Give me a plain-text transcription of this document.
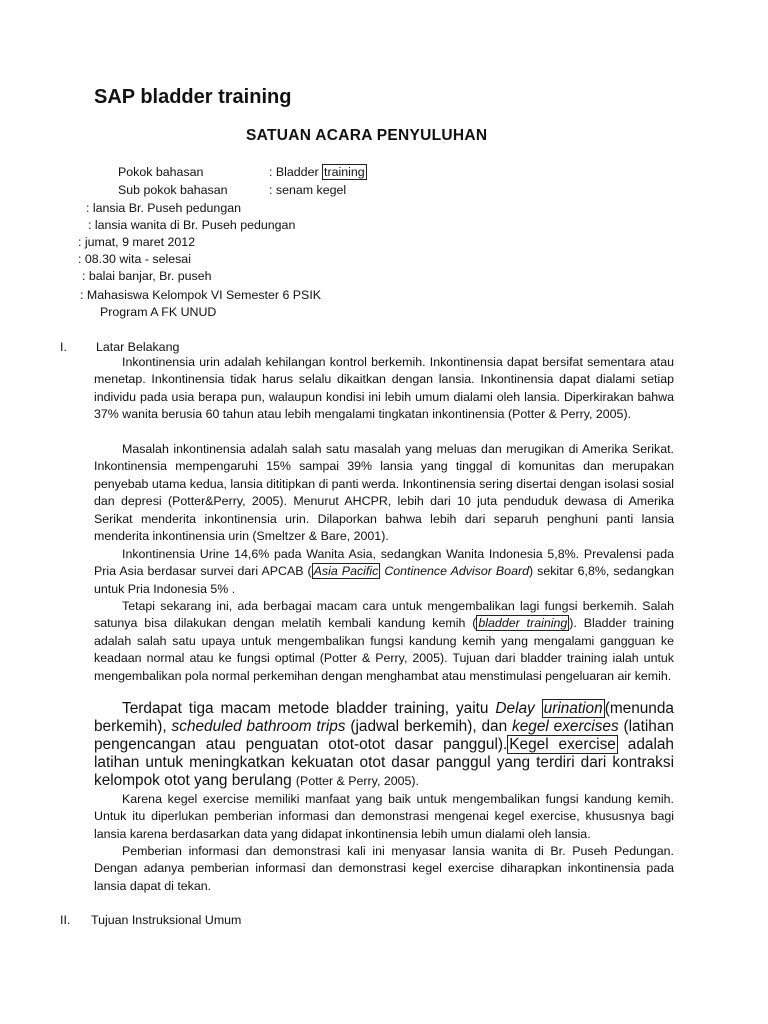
SAP bladder training
SATUAN ACARA PENYULUHAN
Pokok bahasan	: Bladder training
Sub pokok bahasan	: senam kegel
: lansia Br. Puseh pedungan
: lansia wanita di Br. Puseh pedungan
: jumat, 9 maret 2012
: 08.30 wita - selesai
: balai banjar, Br. puseh
: Mahasiswa Kelompok VI Semester 6 PSIK
Program A FK UNUD
I. Latar Belakang

Inkontinensia urin adalah kehilangan kontrol berkemih. Inkontinensia dapat bersifat sementara atau menetap. Inkontinensia tidak harus selalu dikaitkan dengan lansia. Inkontinensia dapat dialami setiap individu pada usia berapa pun, walaupun kondisi ini lebih umum dialami oleh lansia. Diperkirakan bahwa 37% wanita berusia 60 tahun atau lebih mengalami tingkatan inkontinensia (Potter & Perry, 2005).

Masalah inkontinensia adalah salah satu masalah yang meluas dan merugikan di Amerika Serikat. Inkontinensia mempengaruhi 15% sampai 39% lansia yang tinggal di komunitas dan merupakan penyebab utama kedua, lansia dititipkan di panti werda. Inkontinensia sering disertai dengan isolasi sosial dan depresi (Potter&Perry, 2005). Menurut AHCPR, lebih dari 10 juta penduduk dewasa di Amerika Serikat menderita inkontinensia urin. Dilaporkan bahwa lebih dari separuh penghuni panti lansia menderita inkontinensia urin (Smeltzer & Bare, 2001).

Inkontinensia Urine 14,6% pada Wanita Asia, sedangkan Wanita Indonesia 5,8%. Prevalensi pada Pria Asia berdasar survei dari APCAB ( Asia Pacific Continence Advisor Board) sekitar 6,8%, sedangkan untuk Pria Indonesia 5% .

Tetapi sekarang ini, ada berbagai macam cara untuk mengembalikan lagi fungsi berkemih. Salah satunya bisa dilakukan dengan melatih kembali kandung kemih ( bladder training ). Bladder training adalah salah satu upaya untuk mengembalikan fungsi kandung kemih yang mengalami gangguan ke keadaan normal atau ke fungsi optimal (Potter & Perry, 2005). Tujuan dari bladder training ialah untuk mengembalikan pola normal perkemihan dengan menghambat atau menstimulasi pengeluaran air kemih.

Terdapat tiga macam metode bladder training, yaitu Delay urination (menunda berkemih), scheduled bathroom trips (jadwal berkemih), dan kegel exercises (latihan pengencangan atau penguatan otot-otot dasar panggul). Kegel exercise adalah latihan untuk meningkatkan kekuatan otot dasar panggul yang terdiri dari kontraksi kelompok otot yang berulang (Potter & Perry, 2005).

Karena kegel exercise memiliki manfaat yang baik untuk mengembalikan fungsi kandung kemih. Untuk itu diperlukan pemberian informasi dan demonstrasi mengenai kegel exercise, khususnya bagi lansia karena berdasarkan data yang didapat inkontinensia lebih umun dialami oleh lansia.

Pemberian informasi dan demonstrasi kali ini menyasar lansia wanita di Br. Puseh Pedungan. Dengan adanya pemberian informasi dan demonstrasi kegel exercise diharapkan inkontinensia pada lansia dapat di tekan.

II. Tujuan Instruksional Umum
